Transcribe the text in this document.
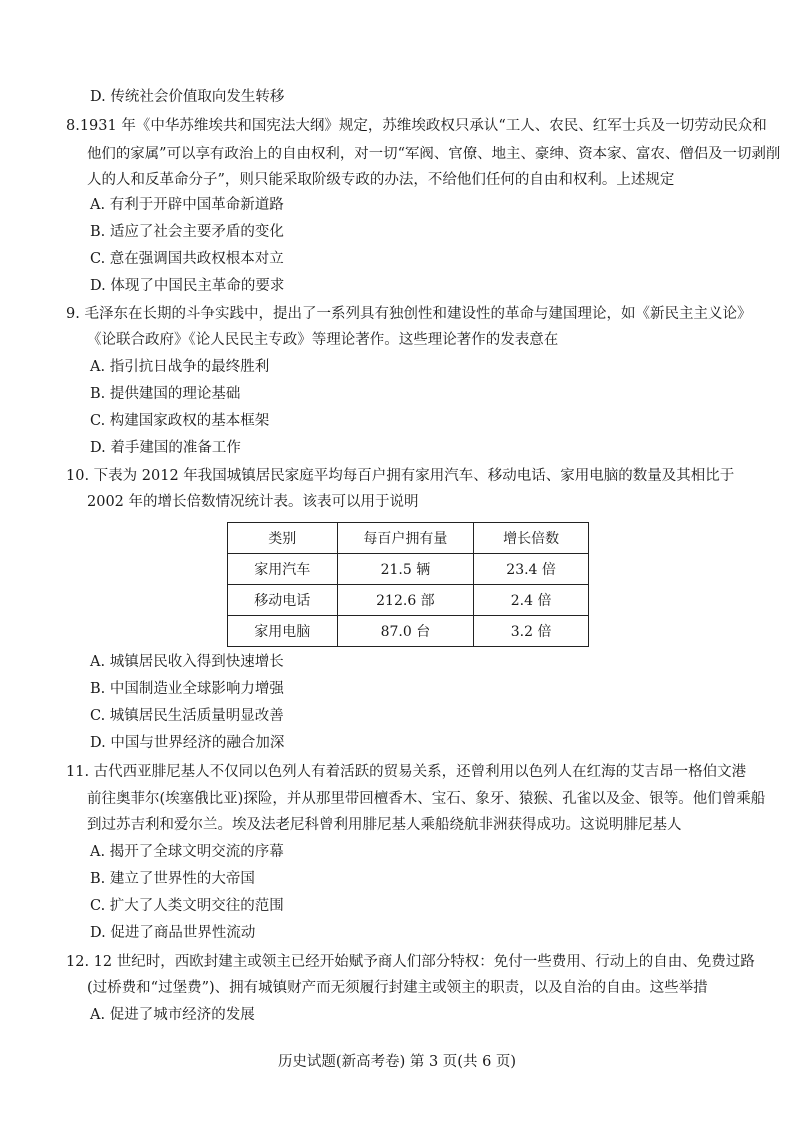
D. 传统社会价值取向发生转移
8.1931 年《中华苏维埃共和国宪法大纲》规定，苏维埃政权只承认“工人、农民、红军士兵及一切劳动民众和
他们的家属”可以享有政治上的自由权利，对一切“军阀、官僚、地主、豪绅、资本家、富农、僧侣及一切剥削
人的人和反革命分子”，则只能采取阶级专政的办法，不给他们任何的自由和权利。上述规定
A. 有利于开辟中国革命新道路
B. 适应了社会主要矛盾的变化
C. 意在强调国共政权根本对立
D. 体现了中国民主革命的要求
9. 毛泽东在长期的斗争实践中，提出了一系列具有独创性和建设性的革命与建国理论，如《新民主主义论》
《论联合政府》《论人民民主专政》等理论著作。这些理论著作的发表意在
A. 指引抗日战争的最终胜利
B. 提供建国的理论基础
C. 构建国家政权的基本框架
D. 着手建国的准备工作
10. 下表为 2012 年我国城镇居民家庭平均每百户拥有家用汽车、移动电话、家用电脑的数量及其相比于
2002 年的增长倍数情况统计表。该表可以用于说明
类别	每百户拥有量	增长倍数
家用汽车	21.5 辆	23.4 倍
移动电话	212.6 部	2.4 倍
家用电脑	87.0 台	3.2 倍
A. 城镇居民收入得到快速增长
B. 中国制造业全球影响力增强
C. 城镇居民生活质量明显改善
D. 中国与世界经济的融合加深
11. 古代西亚腓尼基人不仅同以色列人有着活跃的贸易关系，还曾利用以色列人在红海的艾吉昂一格伯文港
前往奥菲尔(埃塞俄比亚)探险，并从那里带回檀香木、宝石、象牙、猿猴、孔雀以及金、银等。他们曾乘船
到过苏吉利和爱尔兰。埃及法老尼科曾利用腓尼基人乘船绕航非洲获得成功。这说明腓尼基人
A. 揭开了全球文明交流的序幕
B. 建立了世界性的大帝国
C. 扩大了人类文明交往的范围
D. 促进了商品世界性流动
12. 12 世纪时，西欧封建主或领主已经开始赋予商人们部分特权：免付一些费用、行动上的自由、免费过路
(过桥费和“过堡费”)、拥有城镇财产而无须履行封建主或领主的职责，以及自治的自由。这些举措
A. 促进了城市经济的发展
历史试题(新高考卷) 第 3 页(共 6 页)
